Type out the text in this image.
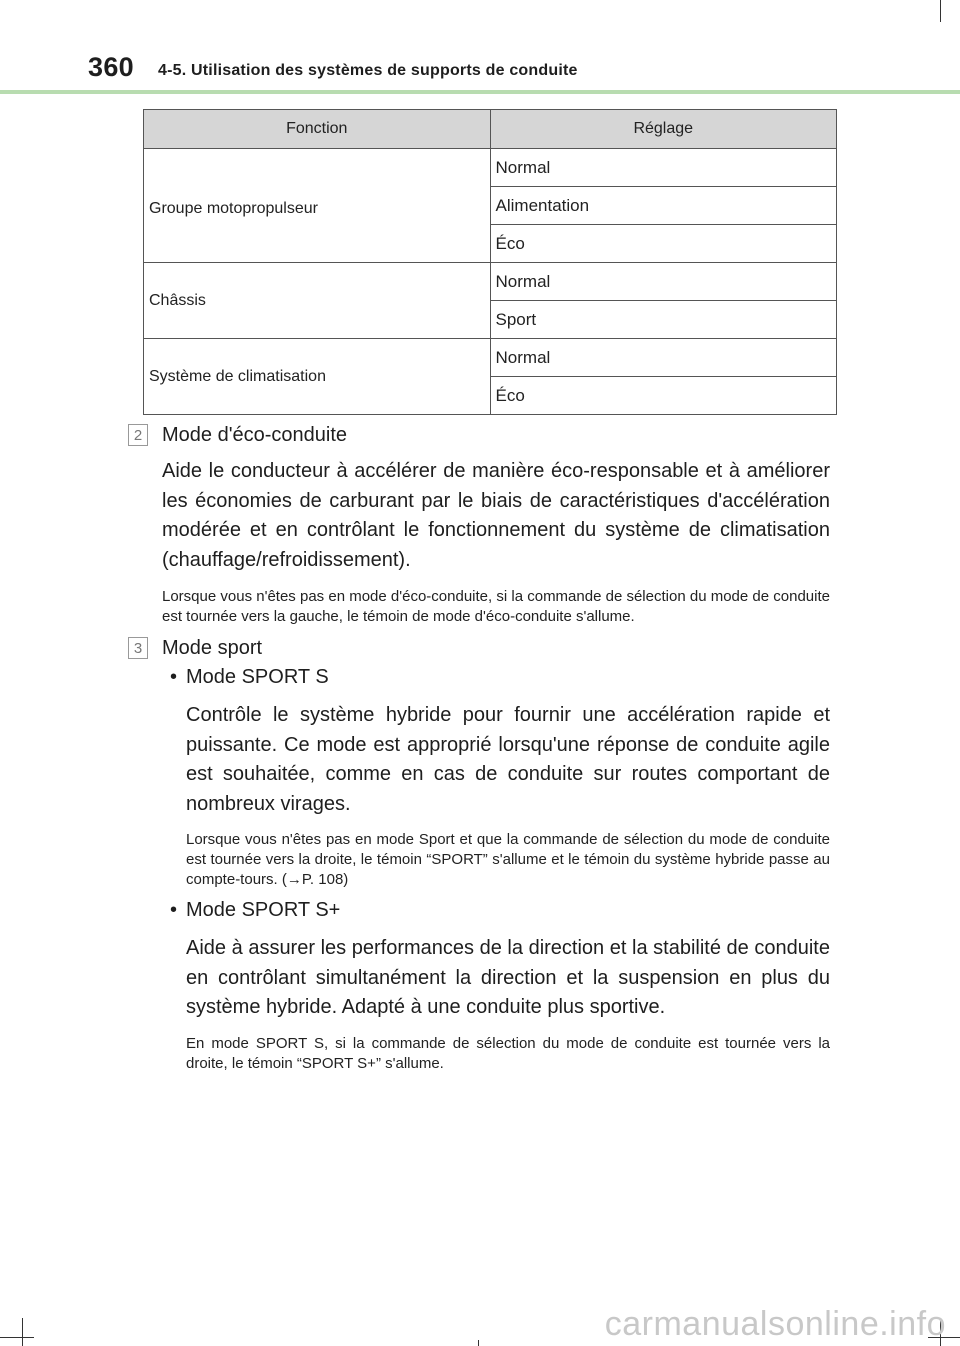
360 4-5. Utilisation des systèmes de supports de conduite
Fonction	Réglage
Groupe motopropulseur	Normal
	Alimentation
	Éco
Châssis	Normal
	Sport
Système de climatisation	Normal
	Éco
2 Mode d'éco-conduite
Aide le conducteur à accélérer de manière éco-responsable et à améliorer les économies de carburant par le biais de caractéristiques d'accélération modérée et en contrôlant le fonctionnement du système de climatisation (chauffage/refroidissement).
Lorsque vous n'êtes pas en mode d'éco-conduite, si la commande de sélection du mode de conduite est tournée vers la gauche, le témoin de mode d'éco-conduite s'allume.
3 Mode sport
• Mode SPORT S
Contrôle le système hybride pour fournir une accélération rapide et puissante. Ce mode est approprié lorsqu'une réponse de conduite agile est souhaitée, comme en cas de conduite sur routes comportant de nombreux virages.
Lorsque vous n'êtes pas en mode Sport et que la commande de sélection du mode de conduite est tournée vers la droite, le témoin “SPORT” s'allume et le témoin du système hybride passe au compte-tours. (→P. 108)
• Mode SPORT S+
Aide à assurer les performances de la direction et la stabilité de conduite en contrôlant simultanément la direction et la suspension en plus du système hybride. Adapté à une conduite plus sportive.
En mode SPORT S, si la commande de sélection du mode de conduite est tournée vers la droite, le témoin “SPORT S+” s'allume.
carmanualsonline.info
